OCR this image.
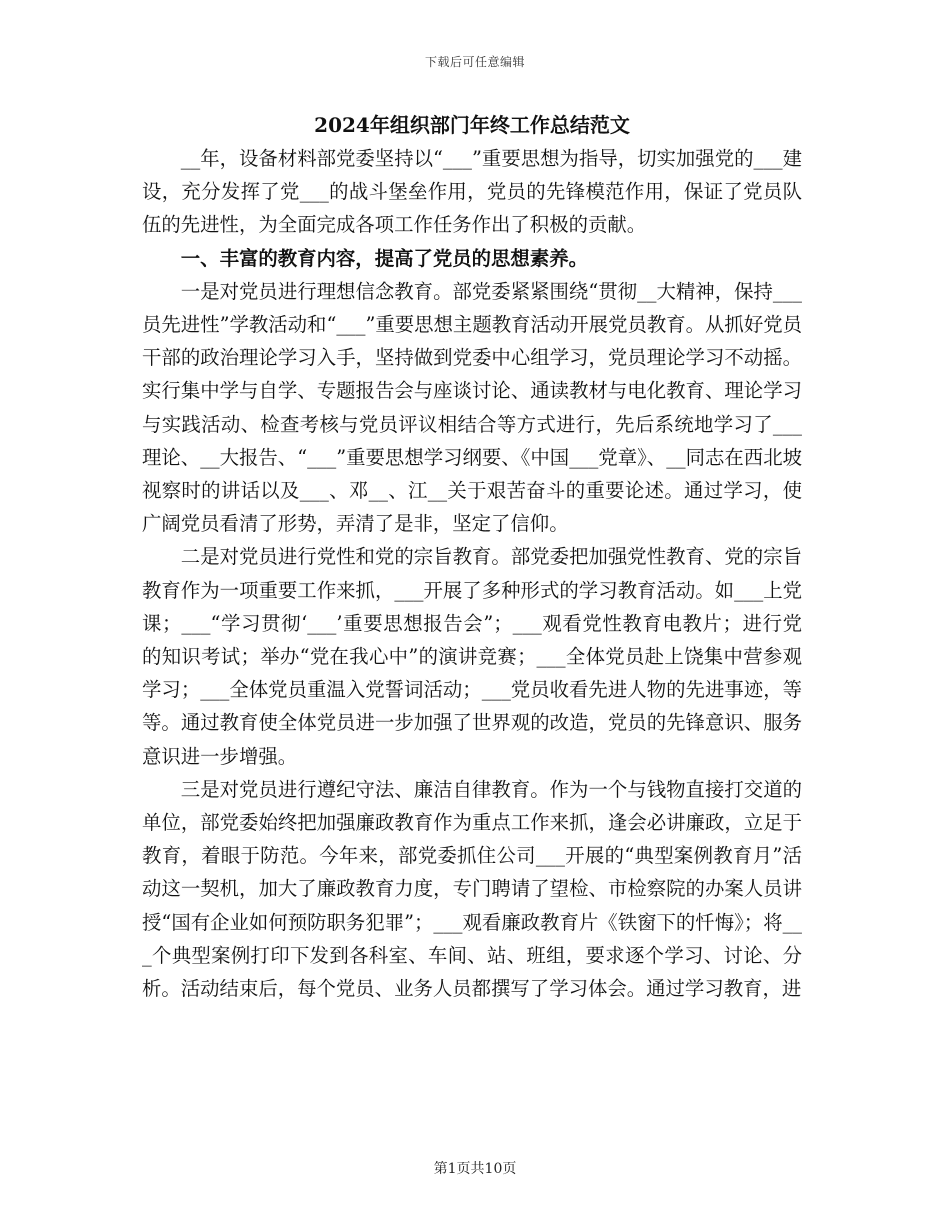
下载后可任意编辑
2024年组织部门年终工作总结范文

__年，设备材料部党委坚持以“___”重要思想为指导，切实加强党的___建设，充分发挥了党___的战斗堡垒作用，党员的先锋模范作用，保证了党员队伍的先进性，为全面完成各项工作任务作出了积极的贡献。

一、丰富的教育内容，提高了党员的思想素养。

一是对党员进行理想信念教育。部党委紧紧围绕“贯彻__大精神，保持___员先进性”学教活动和“___”重要思想主题教育活动开展党员教育。从抓好党员干部的政治理论学习入手，坚持做到党委中心组学习，党员理论学习不动摇。实行集中学与自学、专题报告会与座谈讨论、通读教材与电化教育、理论学习与实践活动、检查考核与党员评议相结合等方式进行，先后系统地学习了___理论、__大报告、“___”重要思想学习纲要、《中国___党章》、__同志在西北坡视察时的讲话以及___、邓__、江__关于艰苦奋斗的重要论述。通过学习，使广阔党员看清了形势，弄清了是非，坚定了信仰。

二是对党员进行党性和党的宗旨教育。部党委把加强党性教育、党的宗旨教育作为一项重要工作来抓，___开展了多种形式的学习教育活动。如___上党课；___“学习贯彻‘___’重要思想报告会”；___观看党性教育电教片；进行党的知识考试；举办“党在我心中”的演讲竞赛；___全体党员赴上饶集中营参观学习；___全体党员重温入党誓词活动；___党员收看先进人物的先进事迹，等等。通过教育使全体党员进一步加强了世界观的改造，党员的先锋意识、服务意识进一步增强。

三是对党员进行遵纪守法、廉洁自律教育。作为一个与钱物直接打交道的单位，部党委始终把加强廉政教育作为重点工作来抓，逢会必讲廉政，立足于教育，着眼于防范。今年来，部党委抓住公司___开展的“典型案例教育月”活动这一契机，加大了廉政教育力度，专门聘请了望检、市检察院的办案人员讲授“国有企业如何预防职务犯罪”；___观看廉政教育片《铁窗下的忏悔》；将___个典型案例打印下发到各科室、车间、站、班组，要求逐个学习、讨论、分析。活动结束后，每个党员、业务人员都撰写了学习体会。通过学习教育，进

第1页共10页
